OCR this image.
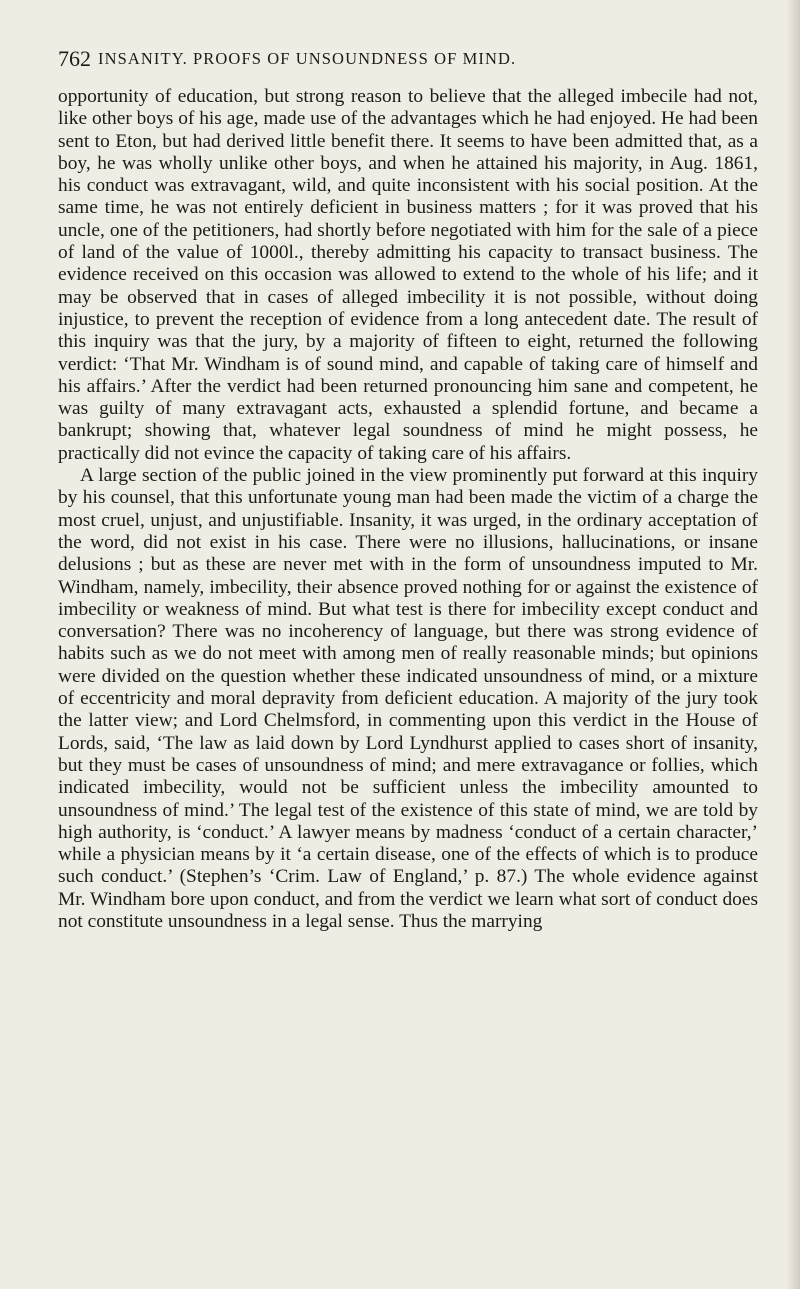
762 INSANITY. PROOFS OF UNSOUNDNESS OF MIND.

opportunity of education, but strong reason to believe that the alleged imbecile had not, like other boys of his age, made use of the advantages which he had enjoyed. He had been sent to Eton, but had derived little benefit there. It seems to have been admitted that, as a boy, he was wholly unlike other boys, and when he attained his majority, in Aug. 1861, his conduct was extravagant, wild, and quite inconsistent with his social position. At the same time, he was not entirely deficient in business matters ; for it was proved that his uncle, one of the petitioners, had shortly before negotiated with him for the sale of a piece of land of the value of 1000l., thereby admitting his capacity to transact business. The evidence received on this occasion was allowed to extend to the whole of his life; and it may be observed that in cases of alleged imbecility it is not possible, without doing injustice, to prevent the reception of evidence from a long antecedent date. The result of this inquiry was that the jury, by a majority of fifteen to eight, returned the following verdict: ‘That Mr. Windham is of sound mind, and capable of taking care of himself and his affairs.’ After the verdict had been returned pronouncing him sane and competent, he was guilty of many extravagant acts, exhausted a splendid fortune, and became a bankrupt; showing that, whatever legal soundness of mind he might possess, he practically did not evince the capacity of taking care of his affairs.

A large section of the public joined in the view prominently put forward at this inquiry by his counsel, that this unfortunate young man had been made the victim of a charge the most cruel, unjust, and unjustifiable. Insanity, it was urged, in the ordinary acceptation of the word, did not exist in his case. There were no illusions, hallucinations, or insane delusions ; but as these are never met with in the form of unsoundness imputed to Mr. Windham, namely, imbecility, their absence proved nothing for or against the existence of imbecility or weakness of mind. But what test is there for imbecility except conduct and conversation? There was no incoherency of language, but there was strong evidence of habits such as we do not meet with among men of really reasonable minds; but opinions were divided on the question whether these indicated unsoundness of mind, or a mixture of eccentricity and moral depravity from deficient education. A majority of the jury took the latter view; and Lord Chelmsford, in commenting upon this verdict in the House of Lords, said, ‘The law as laid down by Lord Lyndhurst applied to cases short of insanity, but they must be cases of unsoundness of mind; and mere extravagance or follies, which indicated imbecility, would not be sufficient unless the imbecility amounted to unsoundness of mind.’ The legal test of the existence of this state of mind, we are told by high authority, is ‘conduct.’ A lawyer means by madness ‘conduct of a certain character,’ while a physician means by it ‘a certain disease, one of the effects of which is to produce such conduct.’ (Stephen’s ‘Crim. Law of England,’ p. 87.) The whole evidence against Mr. Windham bore upon conduct, and from the verdict we learn what sort of conduct does not constitute unsoundness in a legal sense. Thus the marrying
